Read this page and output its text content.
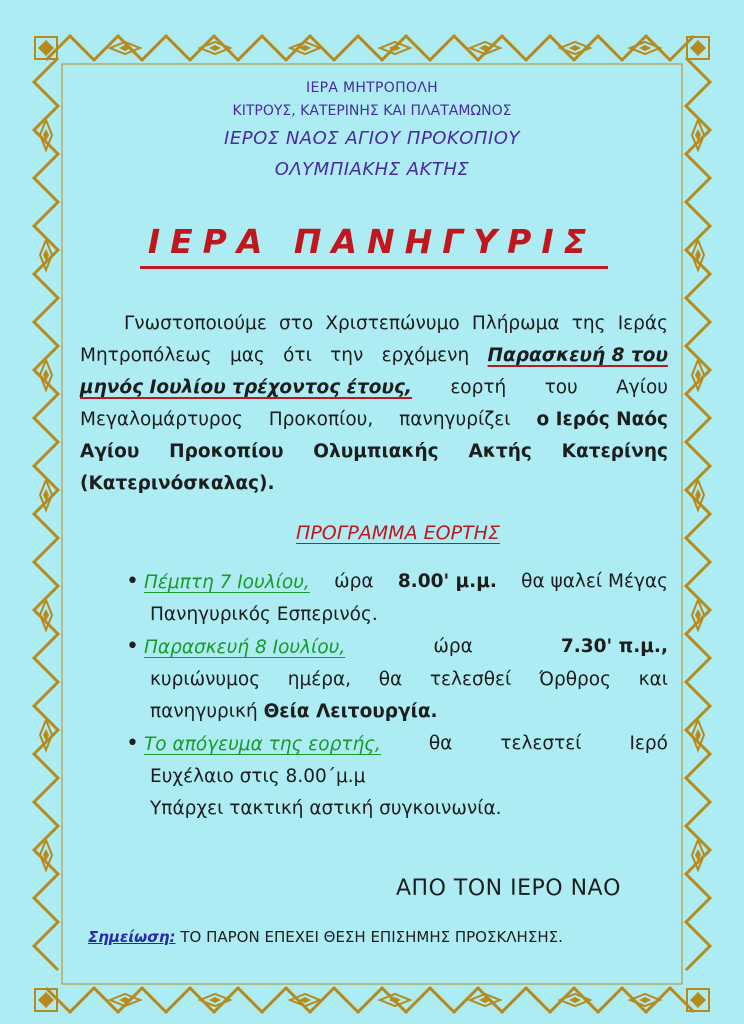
ΙΕΡΑ ΜΗΤΡΟΠΟΛΗ
ΚΙΤΡΟΥΣ, ΚΑΤΕΡΙΝΗΣ ΚΑΙ ΠΛΑΤΑΜΩΝΟΣ
ΙΕΡΟΣ ΝΑΟΣ ΑΓΙΟΥ ΠΡΟΚΟΠΙΟΥ
ΟΛΥΜΠΙΑΚΗΣ ΑΚΤΗΣ
ΙΕΡΑ ΠΑΝΗΓΥΡΙΣ
Γνωστοποιούμε στο Χριστεπώνυμο Πλήρωμα της Ιεράς
Μητροπόλεως μας ότι την ερχόμενη Παρασκευή 8 του
μηνός Ιουλίου τρέχοντος έτους, εορτή του Αγίου
Μεγαλομάρτυρος Προκοπίου, πανηγυρίζει ο Ιερός Ναός
Αγίου Προκοπίου Ολυμπιακής Ακτής Κατερίνης
(Κατερινόσκαλας).
ΠΡΟΓΡΑΜΜΑ ΕΟΡΤΗΣ
• Πέμπτη 7 Ιουλίου, ώρα 8.00' μ.μ. θα ψαλεί Μέγας
Πανηγυρικός Εσπερινός.
• Παρασκευή 8 Ιουλίου,	ώρα	7.30' π.μ.,
κυριώνυμος ημέρα, θα τελεσθεί Όρθρος και
πανηγυρική
Θεία Λειτουργία.
• Το απόγευμα της εορτής,	θα	τελεστεί	Ιερό
Ευχέλαιο στις 8.00΄μ.μ
Υπάρχει τακτική αστική συγκοινωνία.
ΑΠΟ ΤΟΝ ΙΕΡΟ ΝΑΟ
Σημείωση: ΤΟ ΠΑΡΟΝ ΕΠΕΧΕΙ ΘΕΣΗ ΕΠΙΣΗΜΗΣ ΠΡΟΣΚΛΗΣΗΣ.
